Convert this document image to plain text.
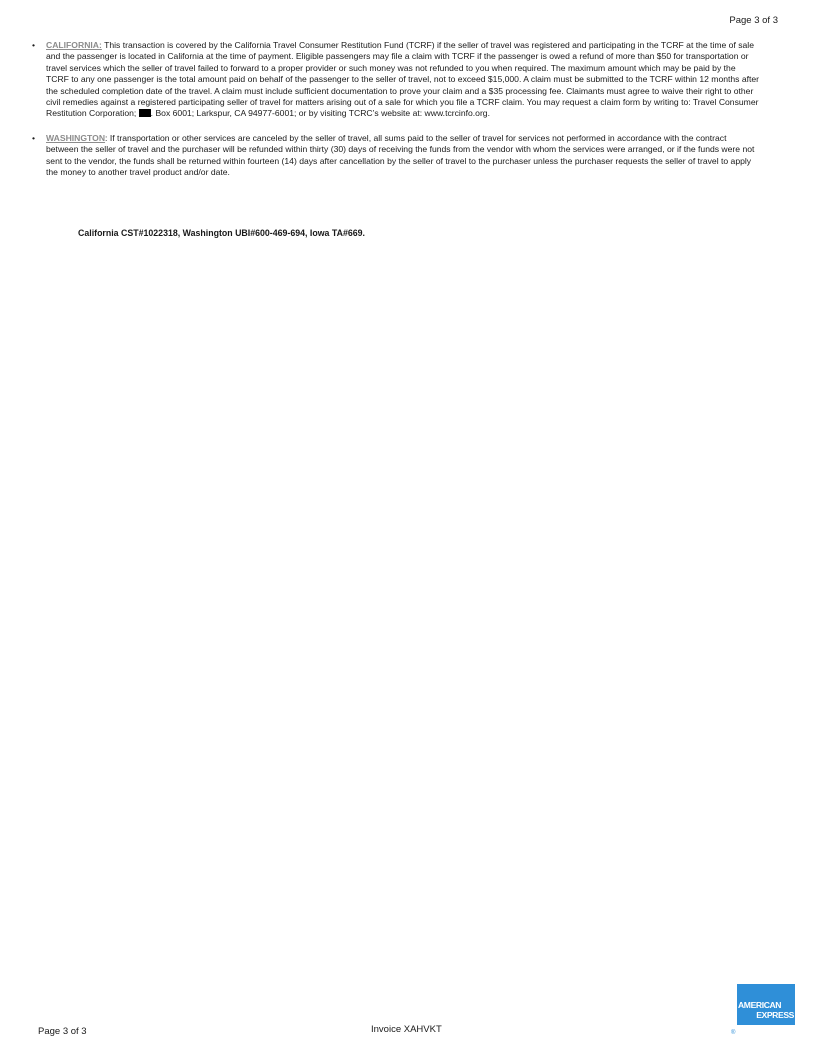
Page 3 of 3
• CALIFORNIA: This transaction is covered by the California Travel Consumer Restitution Fund (TCRF) if the seller of travel was registered and participating in the TCRF at the time of sale and the passenger is located in California at the time of payment. Eligible passengers may file a claim with TCRF if the passenger is owed a refund of more than $50 for transportation or travel services which the seller of travel failed to forward to a proper provider or such money was not refunded to you when required. The maximum amount which may be paid by the TCRF to any one passenger is the total amount paid on behalf of the passenger to the seller of travel, not to exceed $15,000. A claim must be submitted to the TCRF within 12 months after the scheduled completion date of the travel. A claim must include sufficient documentation to prove your claim and a $35 processing fee. Claimants must agree to waive their right to other civil remedies against a registered participating seller of travel for matters arising out of a sale for which you file a TCRF claim. You may request a claim form by writing to: Travel Consumer Restitution Corporation; . Box 6001; Larkspur, CA 94977-6001; or by visiting TCRC’s website at: www.tcrcinfo.org.
• WASHINGTON: If transportation or other services are canceled by the seller of travel, all sums paid to the seller of travel for services not performed in accordance with the contract between the seller of travel and the purchaser will be refunded within thirty (30) days of receiving the funds from the vendor with whom the services were arranged, or if the funds were not sent to the vendor, the funds shall be returned within fourteen (14) days after cancellation by the seller of travel to the purchaser unless the purchaser requests the seller of travel to apply the money to another travel product and/or date.
California CST#1022318, Washington UBI#600-469-694, Iowa TA#669.
Page 3 of 3	Invoice XAHVKT
AMERICAN
EXPRESS
®
